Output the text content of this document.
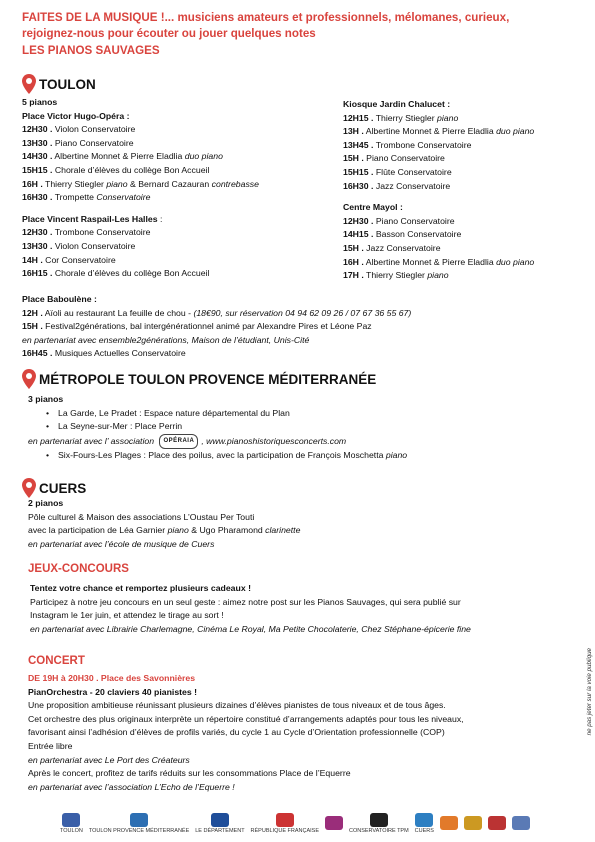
FAITES DE LA MUSIQUE !... musiciens amateurs et professionnels, mélomanes, curieux,
rejoignez-nous pour écouter ou jouer quelques notes
LES PIANOS SAUVAGES
TOULON
5 pianos
Place Victor Hugo-Opéra :
12H30 . Violon Conservatoire
13H30 . Piano Conservatoire
14H30 . Albertine Monnet & Pierre Eladlia duo piano
15H15 . Chorale d’élèves du collège Bon Accueil
16H . Thierry Stiegler piano & Bernard Cazauran contrebasse
16H30 . Trompette Conservatoire
Place Vincent Raspail-Les Halles :
12H30 . Trombone Conservatoire
13H30 . Violon Conservatoire
14H . Cor Conservatoire
16H15 . Chorale d’élèves du collège Bon Accueil
Kiosque Jardin Chalucet :
12H15 . Thierry Stiegler piano
13H . Albertine Monnet & Pierre Eladlia duo piano
13H45 . Trombone Conservatoire
15H . Piano Conservatoire
15H15 . Flûte Conservatoire
16H30 . Jazz Conservatoire
Centre Mayol :
12H30 . Piano Conservatoire
14H15 . Basson Conservatoire
15H . Jazz Conservatoire
16H . Albertine Monnet & Pierre Eladlia duo piano
17H . Thierry Stiegler piano
Place Baboulène :
12H . Aïoli au restaurant La feuille de chou - (18€90, sur réservation 04 94 62 09 26 / 07 67 36 55 67)
15H . Festival2générations, bal intergénérationnel animé par Alexandre Pires et Léone Paz
en partenariat avec ensemble2générations, Maison de l’étudiant, Unis-Cité
16H45 . Musiques Actuelles Conservatoire
MÉTROPOLE TOULON PROVENCE MÉDITERRANÉE
3 pianos
• La Garde, Le Pradet : Espace nature départemental du Plan
• La Seyne-sur-Mer : Place Perrin
en partenariat avec l’ association OPÉRAIA , www.pianoshistoriquesconcerts.com
• Six-Fours-Les Plages : Place des poilus, avec la participation de François Moschetta piano
CUERS
2 pianos
Pôle culturel & Maison des associations L’Oustau Per Touti
avec la participation de Léa Garnier piano & Ugo Pharamond clarinette
en partenariat avec l’école de musique de Cuers
JEUX-CONCOURS
Tentez votre chance et remportez plusieurs cadeaux !
Participez à notre jeu concours en un seul geste : aimez notre post sur les Pianos Sauvages, qui sera publié sur
Instagram le 1er juin, et attendez le tirage au sort !
en partenariat avec Librairie Charlemagne, Cinéma Le Royal, Ma Petite Chocolaterie, Chez Stéphane-épicerie fine
CONCERT
DE 19H à 20H30 . Place des Savonnières
PianOrchestra - 20 claviers 40 pianistes !
Une proposition ambitieuse réunissant plusieurs dizaines d’élèves pianistes de tous niveaux et de tous âges.
Cet orchestre des plus originaux interprète un répertoire constitué d’arrangements adaptés pour tous les niveaux,
favorisant ainsi l’adhésion d’élèves de profils variés, du cycle 1 au Cycle d’Orientation professionnelle (COP)
Entrée libre
en partenariat avec Le Port des Créateurs
Après le concert, profitez de tarifs réduits sur les consommations Place de l’Equerre
en partenariat avec l’association L’Echo de l’Equerre !
ne pas jeter sur la voie publique
TOULON TOULON PROVENCE MÉDITERRANÉE LE DÉPARTEMENT RÉPUBLIQUE FRANÇAISE	CONSERVATOIRE TPM CUERS
